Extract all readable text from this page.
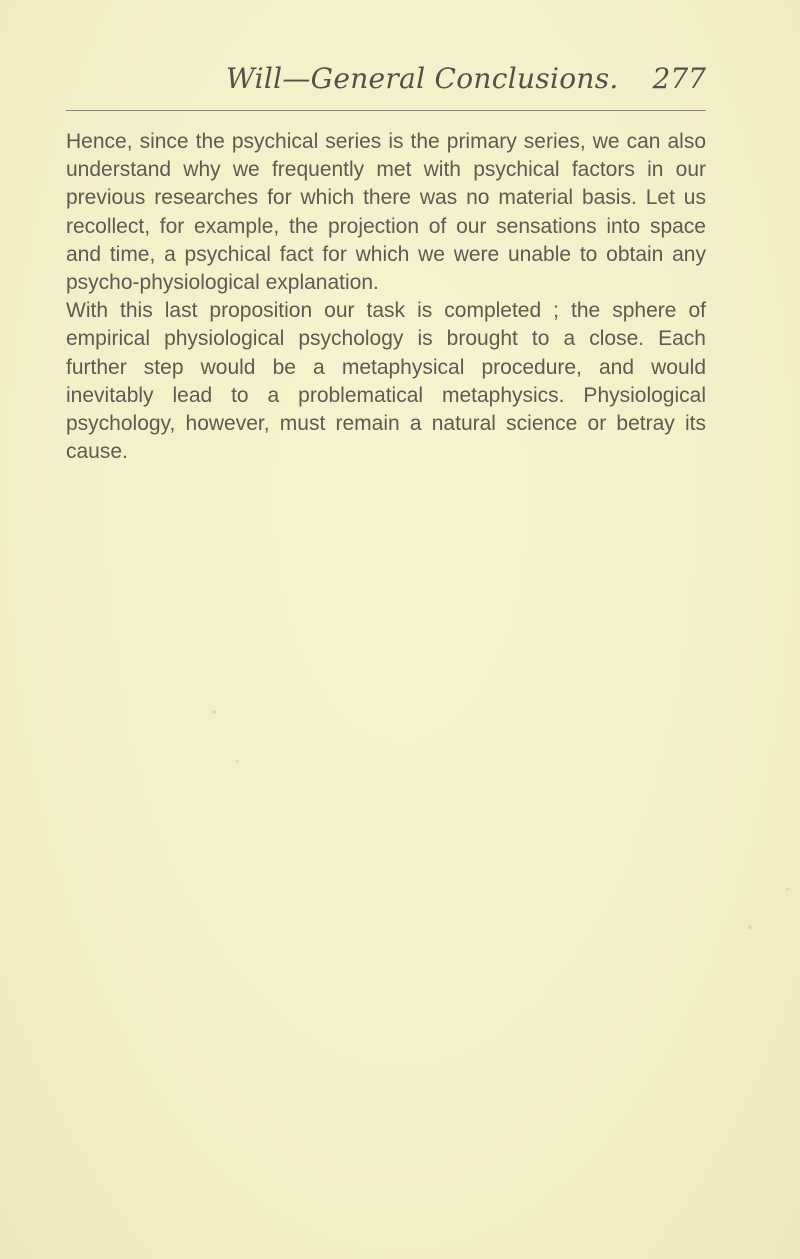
Will—General Conclusions. 277

Hence, since the psychical series is the primary series, we can also understand why we frequently met with psychical factors in our previous researches for which there was no material basis. Let us recollect, for example, the projection of our sensations into space and time, a psychical fact for which we were unable to obtain any psycho-physiological explanation.

With this last proposition our task is completed ; the sphere of empirical physiological psychology is brought to a close. Each further step would be a metaphysical procedure, and would inevitably lead to a problematical metaphysics. Physiological psychology, however, must remain a natural science or betray its cause.
